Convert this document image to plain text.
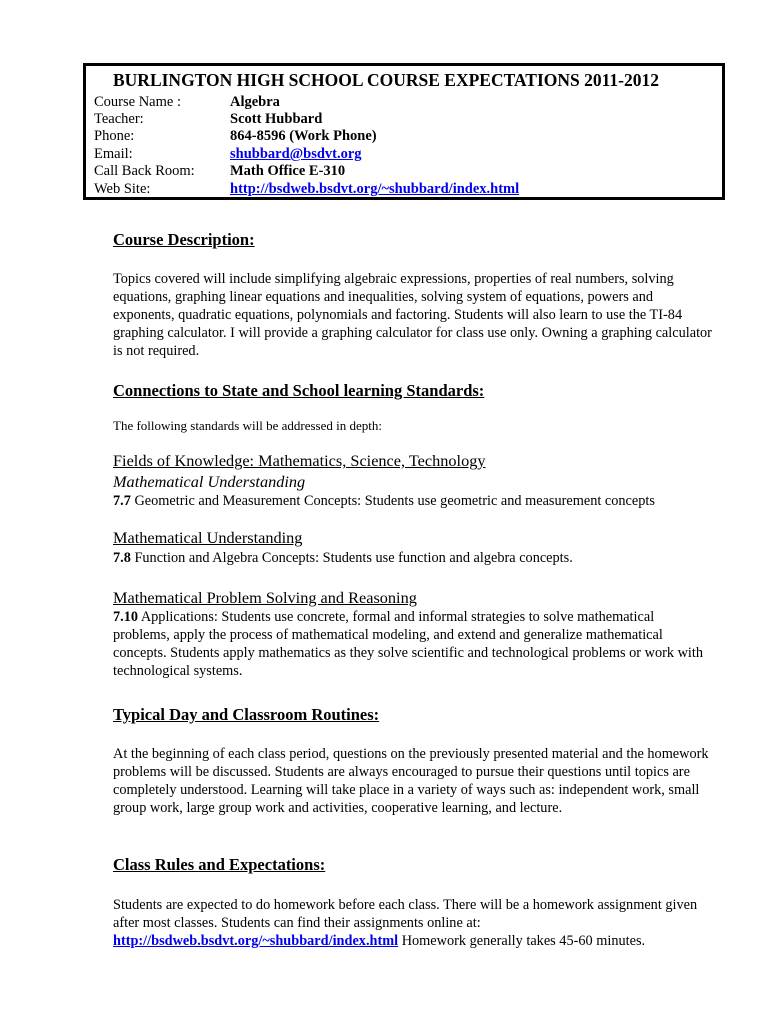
BURLINGTON HIGH SCHOOL COURSE EXPECTATIONS 2011-2012
Course Name :	Algebra
Teacher:	Scott Hubbard
Phone:	864-8596 (Work Phone)
Email:	shubbard@bsdvt.org
Call Back Room: Math Office E-310
Web Site:	http://bsdweb.bsdvt.org/~shubbard/index.html
Course Description:
Topics covered will include simplifying algebraic expressions, properties of real numbers, solving equations, graphing linear equations and inequalities, solving system of equations, powers and exponents, quadratic equations, polynomials and factoring. Students will also learn to use the TI-84 graphing calculator. I will provide a graphing calculator for class use only. Owning a graphing calculator is not required.
Connections to State and School learning Standards:
The following standards will be addressed in depth:
Fields of Knowledge: Mathematics, Science, Technology
Mathematical Understanding
7.7 Geometric and Measurement Concepts: Students use geometric and measurement concepts
Mathematical Understanding
7.8 Function and Algebra Concepts: Students use function and algebra concepts.
Mathematical Problem Solving and Reasoning
7.10 Applications: Students use concrete, formal and informal strategies to solve mathematical problems, apply the process of mathematical modeling, and extend and generalize mathematical concepts. Students apply mathematics as they solve scientific and technological problems or work with technological systems.
Typical Day and Classroom Routines:
At the beginning of each class period, questions on the previously presented material and the homework problems will be discussed. Students are always encouraged to pursue their questions until topics are completely understood. Learning will take place in a variety of ways such as: independent work, small group work, large group work and activities, cooperative learning, and lecture.
Class Rules and Expectations:
Students are expected to do homework before each class. There will be a homework assignment given after most classes. Students can find their assignments online at: http://bsdweb.bsdvt.org/~shubbard/index.html Homework generally takes 45-60 minutes.
